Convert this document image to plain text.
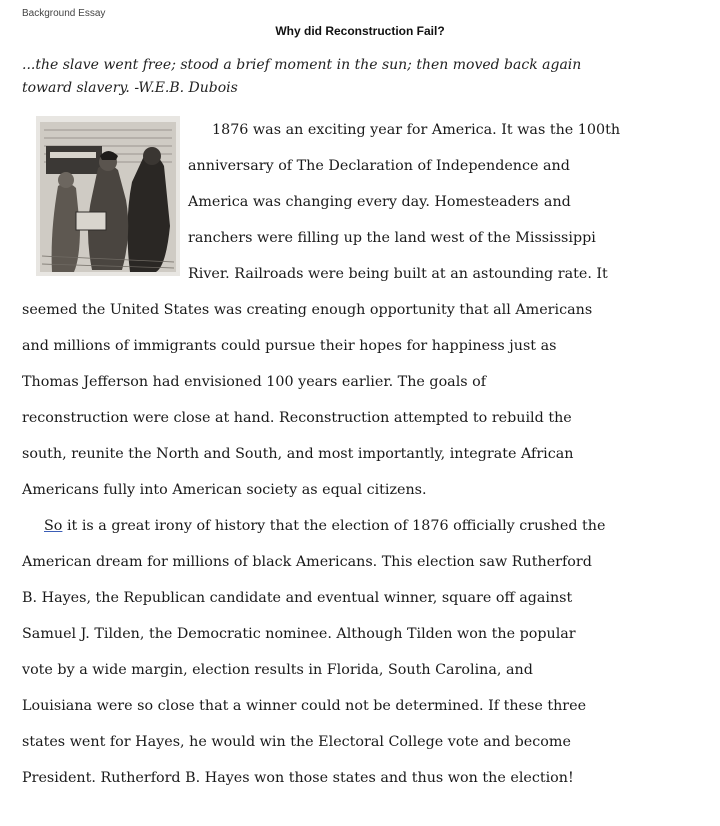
Background Essay
Why did Reconstruction Fail?
...the slave went free; stood a brief moment in the sun; then moved back again
toward slavery. -W.E.B. Dubois
1876 was an exciting year for America. It was the 100th
anniversary of The Declaration of Independence and
America was changing every day. Homesteaders and
ranchers were filling up the land west of the Mississippi
River. Railroads were being built at an astounding rate. It
seemed the United States was creating enough opportunity that all Americans
and millions of immigrants could pursue their hopes for happiness just as
Thomas Jefferson had envisioned 100 years earlier. The goals of
reconstruction were close at hand. Reconstruction attempted to rebuild the
south, reunite the North and South, and most importantly, integrate African
Americans fully into American society as equal citizens.
So it is a great irony of history that the election of 1876 officially crushed the
American dream for millions of black Americans. This election saw Rutherford
B. Hayes, the Republican candidate and eventual winner, square off against
Samuel J. Tilden, the Democratic nominee. Although Tilden won the popular
vote by a wide margin, election results in Florida, South Carolina, and
Louisiana were so close that a winner could not be determined. If these three
states went for Hayes, he would win the Electoral College vote and become
President. Rutherford B. Hayes won those states and thus won the election!
